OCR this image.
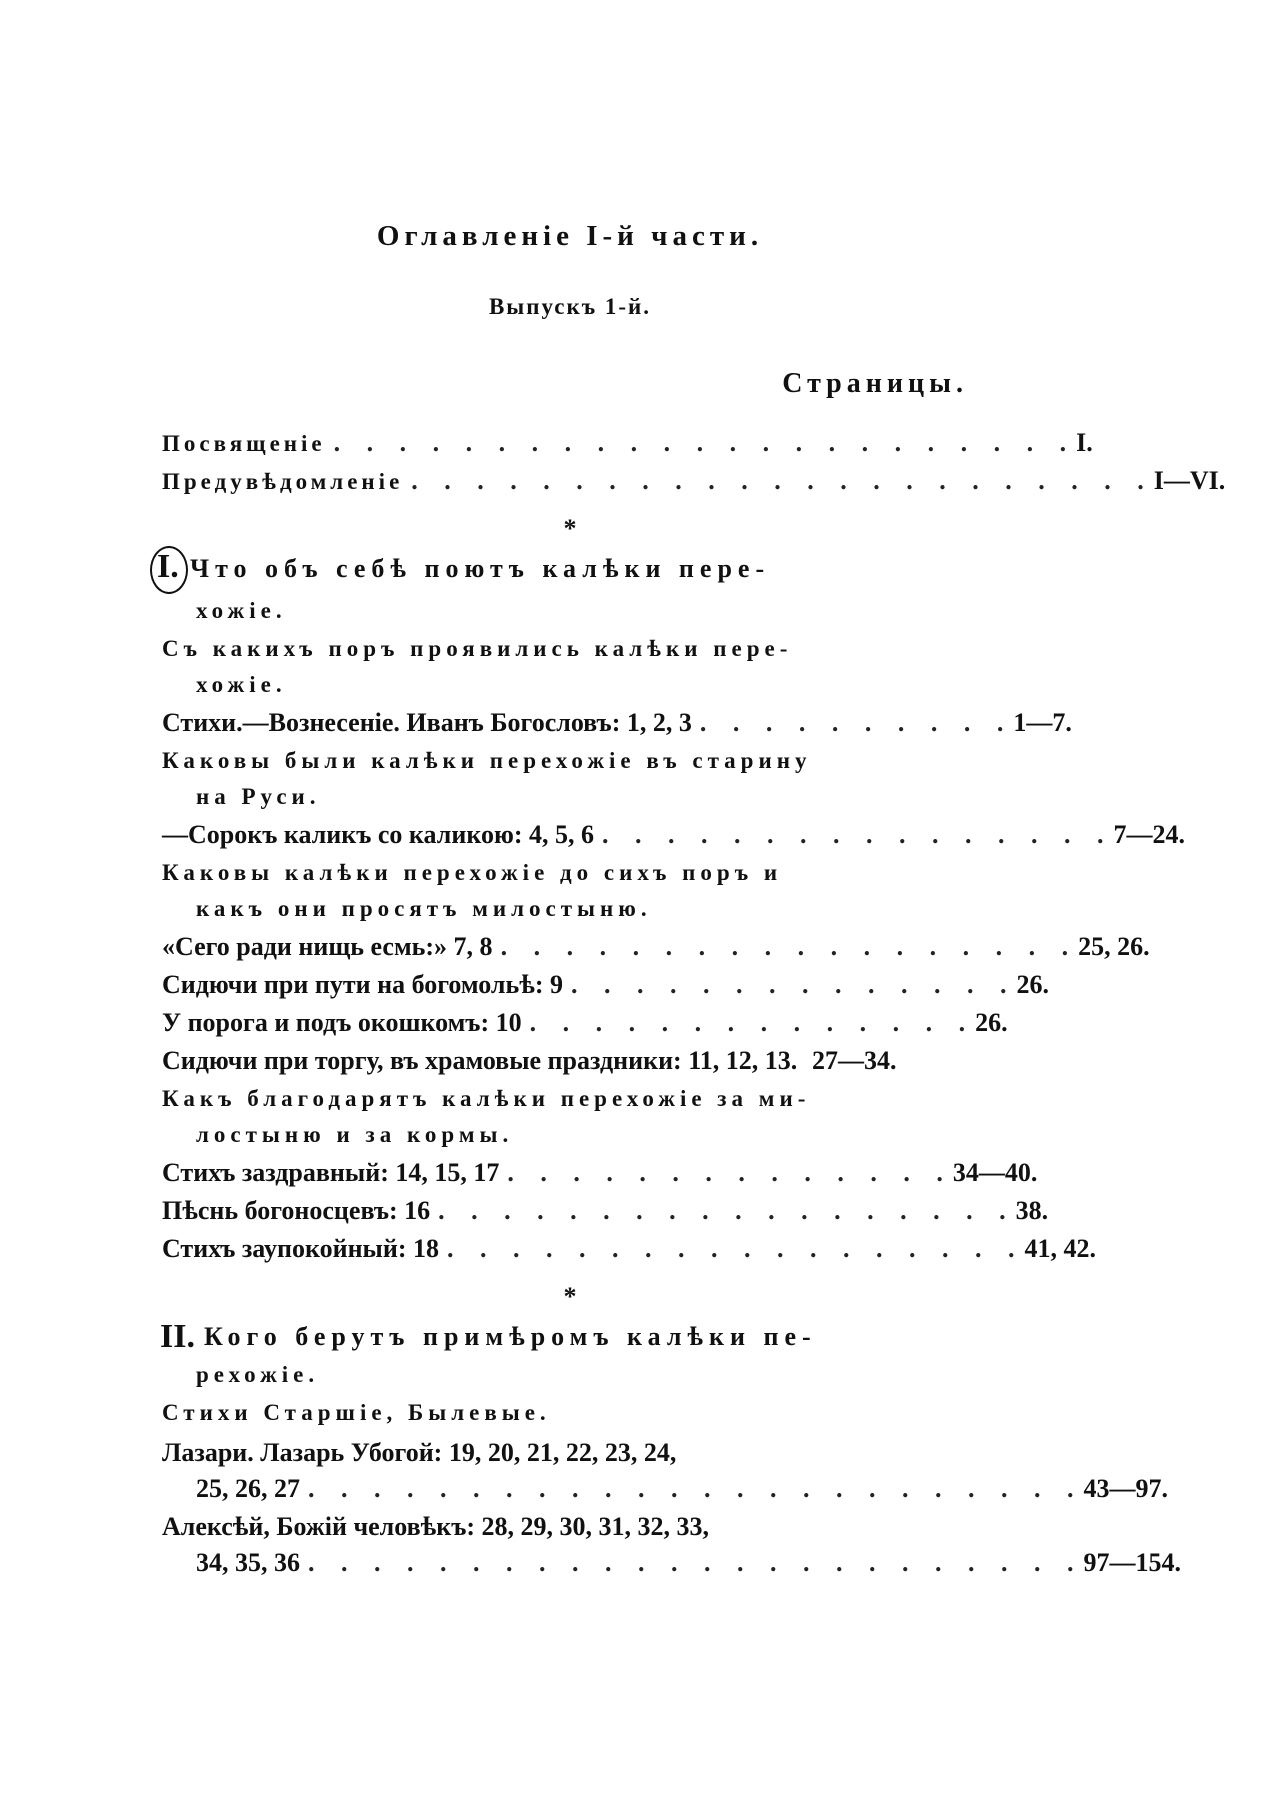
Оглавленіе I-й части.
Выпускъ 1-й.
Страницы.
Посвященіе . . . . . . . . . . . . . . . . . . . . . . . I.
Предувѣдомленіе . . . . . . . . . . . . . . . . . . . . . . . I—VI.
*
I. Что объ себѣ поютъ калѣки пере-
хожіе.
Съ какихъ поръ проявились калѣки пере-
хожіе.
Стихи.—Вознесеніе. Иванъ Богословъ: 1, 2, 3 . . . . . . . . . . 1—7.
Каковы были калѣки перехожіе въ старину
на Руси.
—Сорокъ каликъ со каликою: 4, 5, 6 . . . . . . . . . . . . . . . . 7—24.
Каковы калѣки перехожіе до сихъ поръ и
какъ они просятъ милостыню.
«Сего ради нищь есмь:» 7, 8 . . . . . . . . . . . . . . . . . . 25, 26.
Сидючи при пути на богомольѣ: 9 . . . . . . . . . . . . . . 26.
У порога и подъ окошкомъ: 10 . . . . . . . . . . . . . . 26.
Сидючи при торгу, въ храмовые праздники: 11, 12, 13. 27—34.
Какъ благодарятъ калѣки перехожіе за ми-
лостыню и за кормы.
Стихъ заздравный: 14, 15, 17 . . . . . . . . . . . . . . 34—40.
Пѣснь богоносцевъ: 16 . . . . . . . . . . . . . . . . . . 38.
Стихъ заупокойный: 18 . . . . . . . . . . . . . . . . . . 41, 42.
*
II. Кого берутъ примѣромъ калѣки пе-
рехожіе.
Стихи Старшіе, Былевые.
Лазари. Лазарь Убогой: 19, 20, 21, 22, 23, 24,
25, 26, 27 . . . . . . . . . . . . . . . . . . . . . . . . 43—97.
Алексѣй, Божій человѣкъ: 28, 29, 30, 31, 32, 33,
34, 35, 36 . . . . . . . . . . . . . . . . . . . . . . . . 97—154.
